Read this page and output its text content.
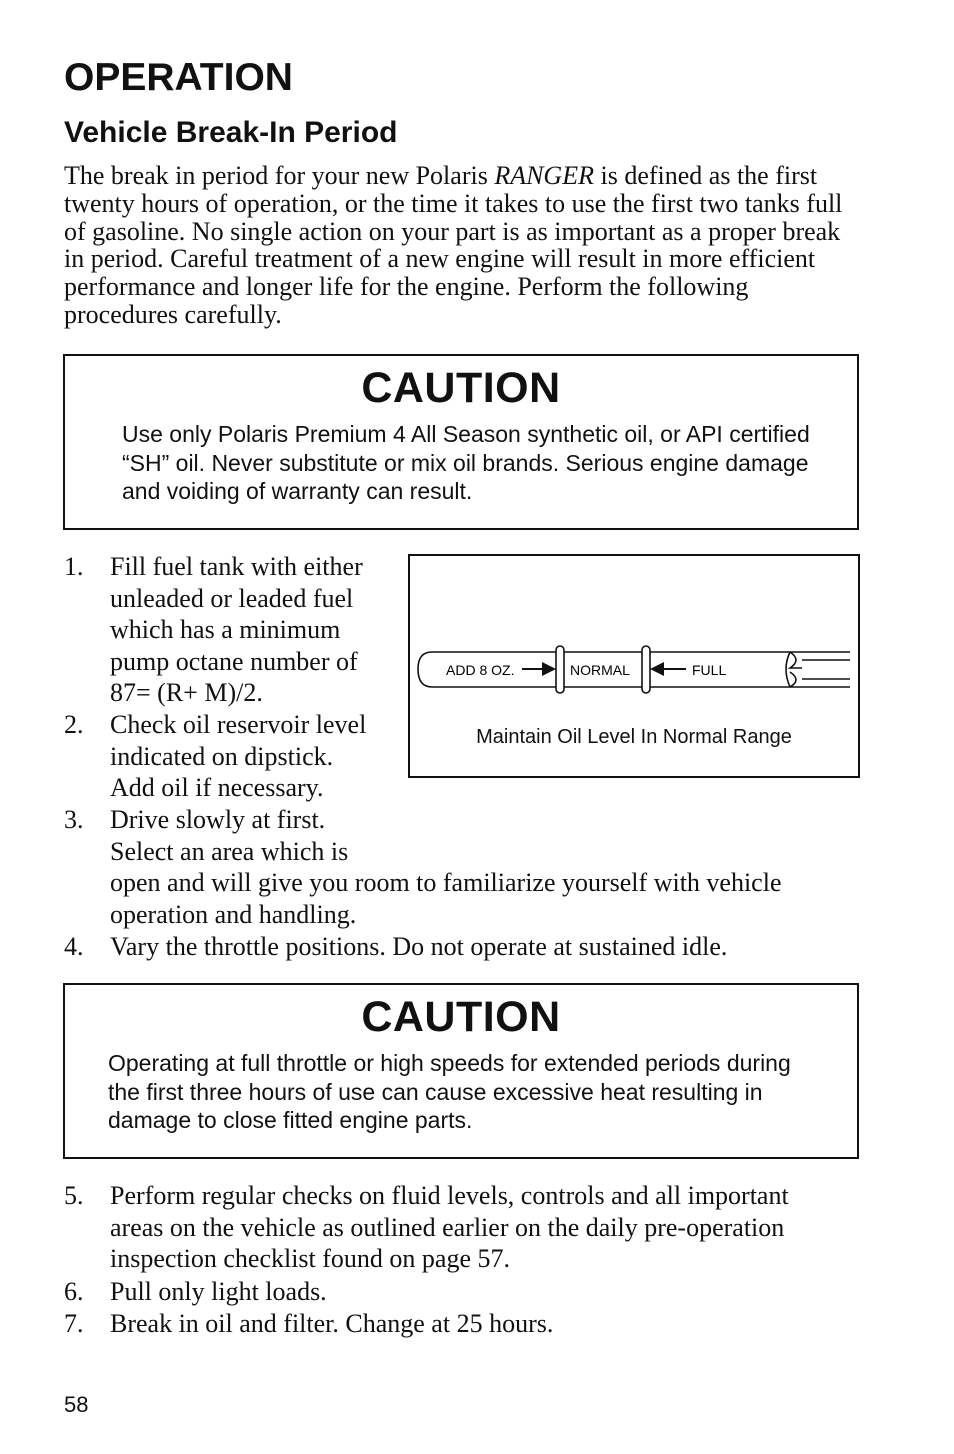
OPERATION
Vehicle Break-In Period

The break in period for your new Polaris RANGER is defined as the first twenty hours of operation, or the time it takes to use the first two tanks full of gasoline. No single action on your part is as important as a proper break in period. Careful treatment of a new engine will result in more efficient performance and longer life for the engine. Perform the following procedures carefully.

CAUTION

Use only Polaris Premium 4 All Season synthetic oil, or API certified “SH” oil. Never substitute or mix oil brands. Serious engine damage and voiding of warranty can result.

1. Fill fuel tank with either
unleaded or leaded fuel
which has a minimum
pump octane number of
87= (R+ M)/2.
2. Check oil reservoir level
indicated on dipstick.
Add oil if necessary.
3. Drive slowly at first.
Select an area which is
open and will give you room to familiarize yourself with vehicle
operation and handling.
4. Vary the throttle positions. Do not operate at sustained idle.
ADD 8 OZ.	NORMAL	FULL
Maintain Oil Level In Normal Range
CAUTION

Operating at full throttle or high speeds for extended periods during the first three hours of use can cause excessive heat resulting in damage to close fitted engine parts.

5. Perform regular checks on fluid levels, controls and all important
areas on the vehicle as outlined earlier on the daily pre-operation
inspection checklist found on page 57.
6. Pull only light loads.
7. Break in oil and filter. Change at 25 hours.
58
